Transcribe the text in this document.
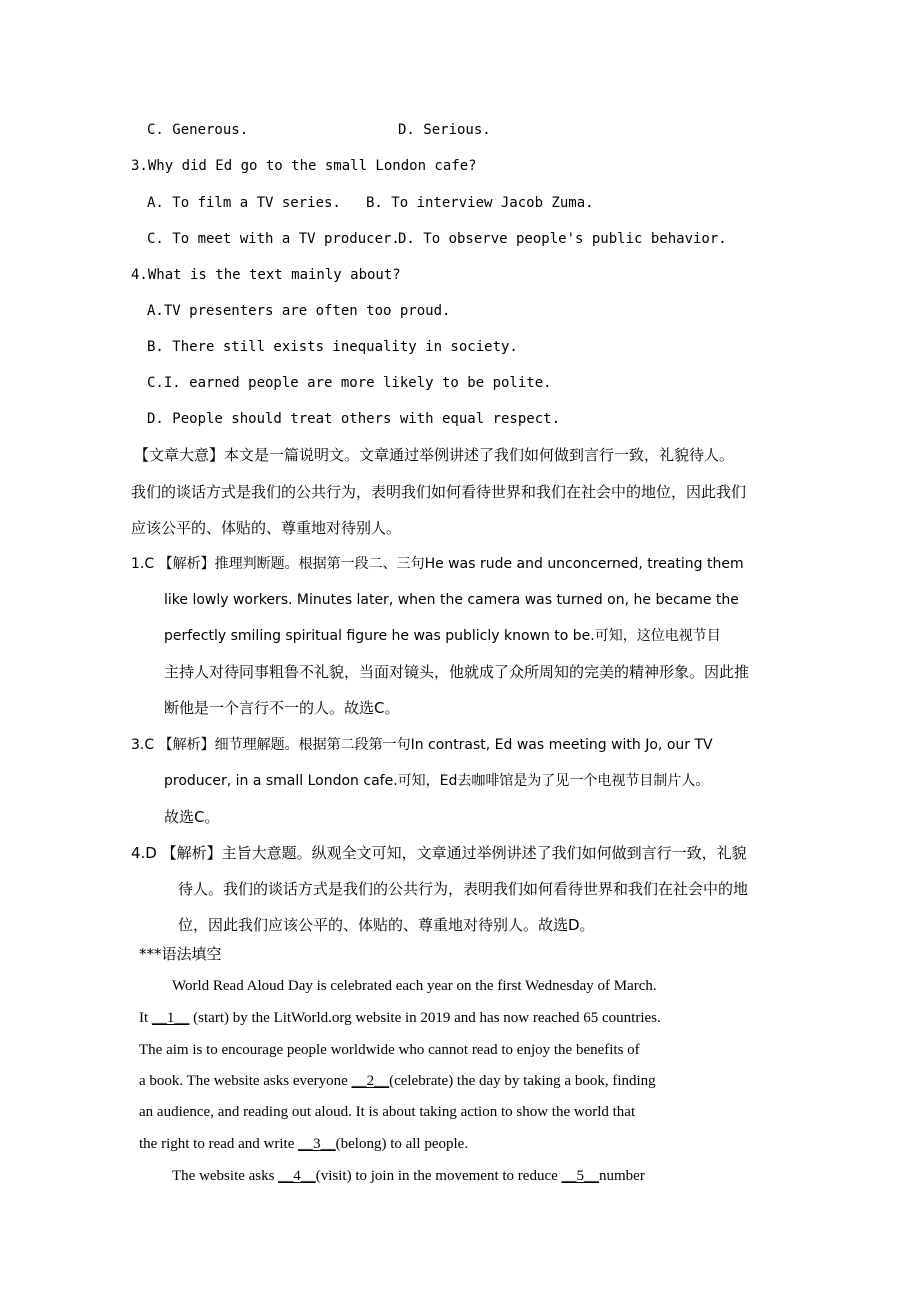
C. Generous.	D. Serious.
3.Why did Ed go to the small London cafe?
A. To film a TV series. B. To interview Jacob Zuma.
C. To meet with a TV producer.
D. To observe people's public behavior.
4.What is the text mainly about?
A.TV presenters are often too proud.
B. There still exists inequality in society.
C.I. earned people are more likely to be polite.
D. People should treat others with equal respect.
【文章大意】本文是一篇说明文。文章通过举例讲述了我们如何做到言行一致，礼貌待人。
我们的谈话方式是我们的公共行为，表明我们如何看待世界和我们在社会中的地位，因此我们
应该公平的、体贴的、尊重地对待别人。
1.C 【解析】推理判断题。根据第一段二、三句He was rude and unconcerned, treating them
like lowly workers. Minutes later, when the camera was turned on, he became the
perfectly smiling spiritual figure he was publicly known to be.可知，这位电视节目
主持人对待同事粗鲁不礼貌，当面对镜头，他就成了众所周知的完美的精神形象。因此推
断他是一个言行不一的人。故选C。
3.C 【解析】细节理解题。根据第二段第一句In contrast, Ed was meeting with Jo, our TV
producer, in a small London cafe.可知，Ed去咖啡馆是为了见一个电视节目制片人。
故选C。
4.D 【解析】主旨大意题。纵观全文可知，文章通过举例讲述了我们如何做到言行一致，礼貌
待人。我们的谈话方式是我们的公共行为，表明我们如何看待世界和我们在社会中的地
位，因此我们应该公平的、体贴的、尊重地对待别人。故选D。
***语法填空
World Read Aloud Day is celebrated each year on the first Wednesday of March.
It __1__ (start) by the LitWorld.org website in 2019 and has now reached 65 countries.
The aim is to encourage people worldwide who cannot read to enjoy the benefits of
a book. The website asks everyone __2__(celebrate) the day by taking a book, finding
an audience, and reading out aloud. It is about taking action to show the world that
the right to read and write __3__(belong) to all people.
The website asks __4__(visit) to join in the movement to reduce __5__number
